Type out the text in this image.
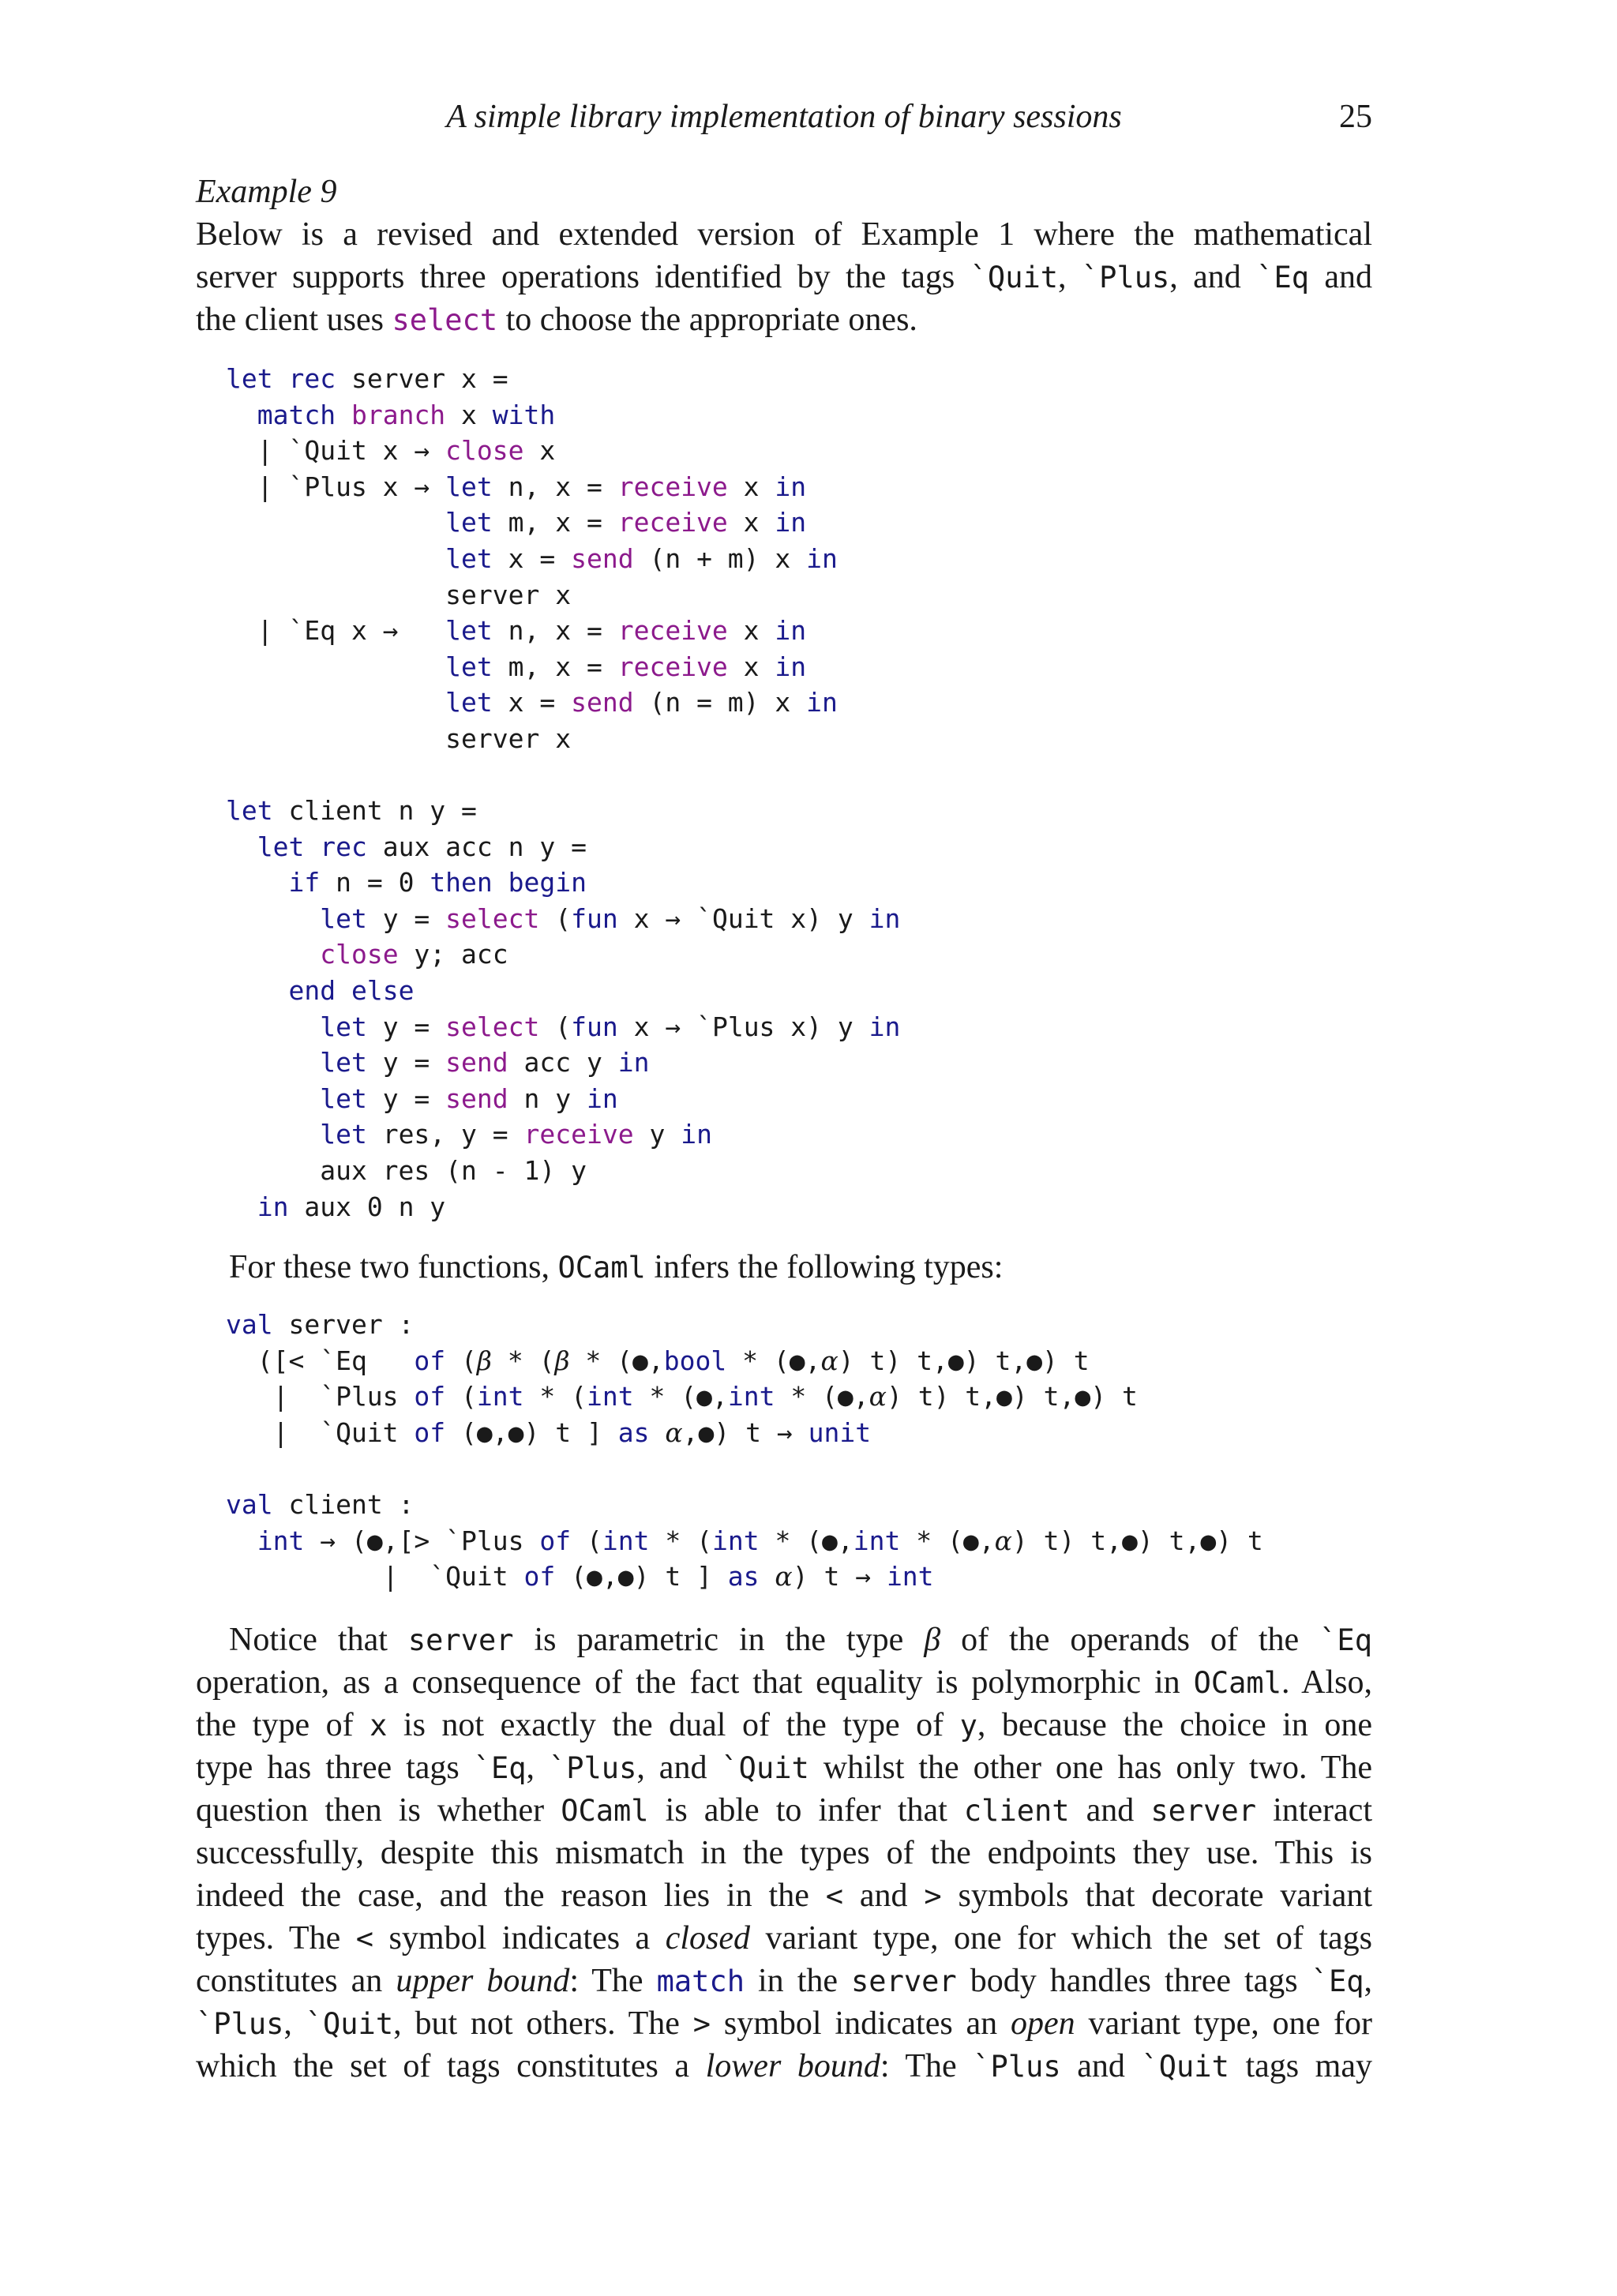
A simple library implementation of binary sessions	25
Example 9
Below is a revised and extended version of Example 1 where the mathematical
server supports three operations identified by the tags `Quit, `Plus, and `Eq and
the client uses select to choose the appropriate ones.
let rec server x =
match branch x with
| `Quit x → close x
| `Plus x → let n, x = receive x in
let m, x = receive x in
let x = send (n + m) x in
server x
| `Eq x →   let n, x = receive x in
let m, x = receive x in
let x = send (n = m) x in
server x
let client n y =
let rec aux acc n y =
if n = 0 then begin
let y = select (fun x → `Quit x) y in
close y; acc
end else
let y = select (fun x → `Plus x) y in
let y = send acc y in
let y = send n y in
let res, y = receive y in
aux res (n - 1) y
in aux 0 n y
For these two functions, OCaml infers the following types:
val server :
([< `Eq   of (β * (β * (●,bool * (●,α) t) t,●) t,●) t
|  `Plus of (int * (int * (●,int * (●,α) t) t,●) t,●) t
|  `Quit of (●,●) t ] as α,●) t → unit
val client :
int → (●,[> `Plus of (int * (int * (●,int * (●,α) t) t,●) t,●) t
|  `Quit of (●,●) t ] as α) t → int
Notice that server is parametric in the type β of the operands of the `Eq
operation, as a consequence of the fact that equality is polymorphic in OCaml. Also,
the type of x is not exactly the dual of the type of y, because the choice in one
type has three tags `Eq, `Plus, and `Quit whilst the other one has only two. The
question then is whether OCaml is able to infer that client and server interact
successfully, despite this mismatch in the types of the endpoints they use. This is
indeed the case, and the reason lies in the < and > symbols that decorate variant
types. The < symbol indicates a closed variant type, one for which the set of tags
constitutes an upper bound: The match in the server body handles three tags `Eq,
`Plus, `Quit, but not others. The > symbol indicates an open variant type, one for
which the set of tags constitutes a lower bound: The `Plus and `Quit tags may
